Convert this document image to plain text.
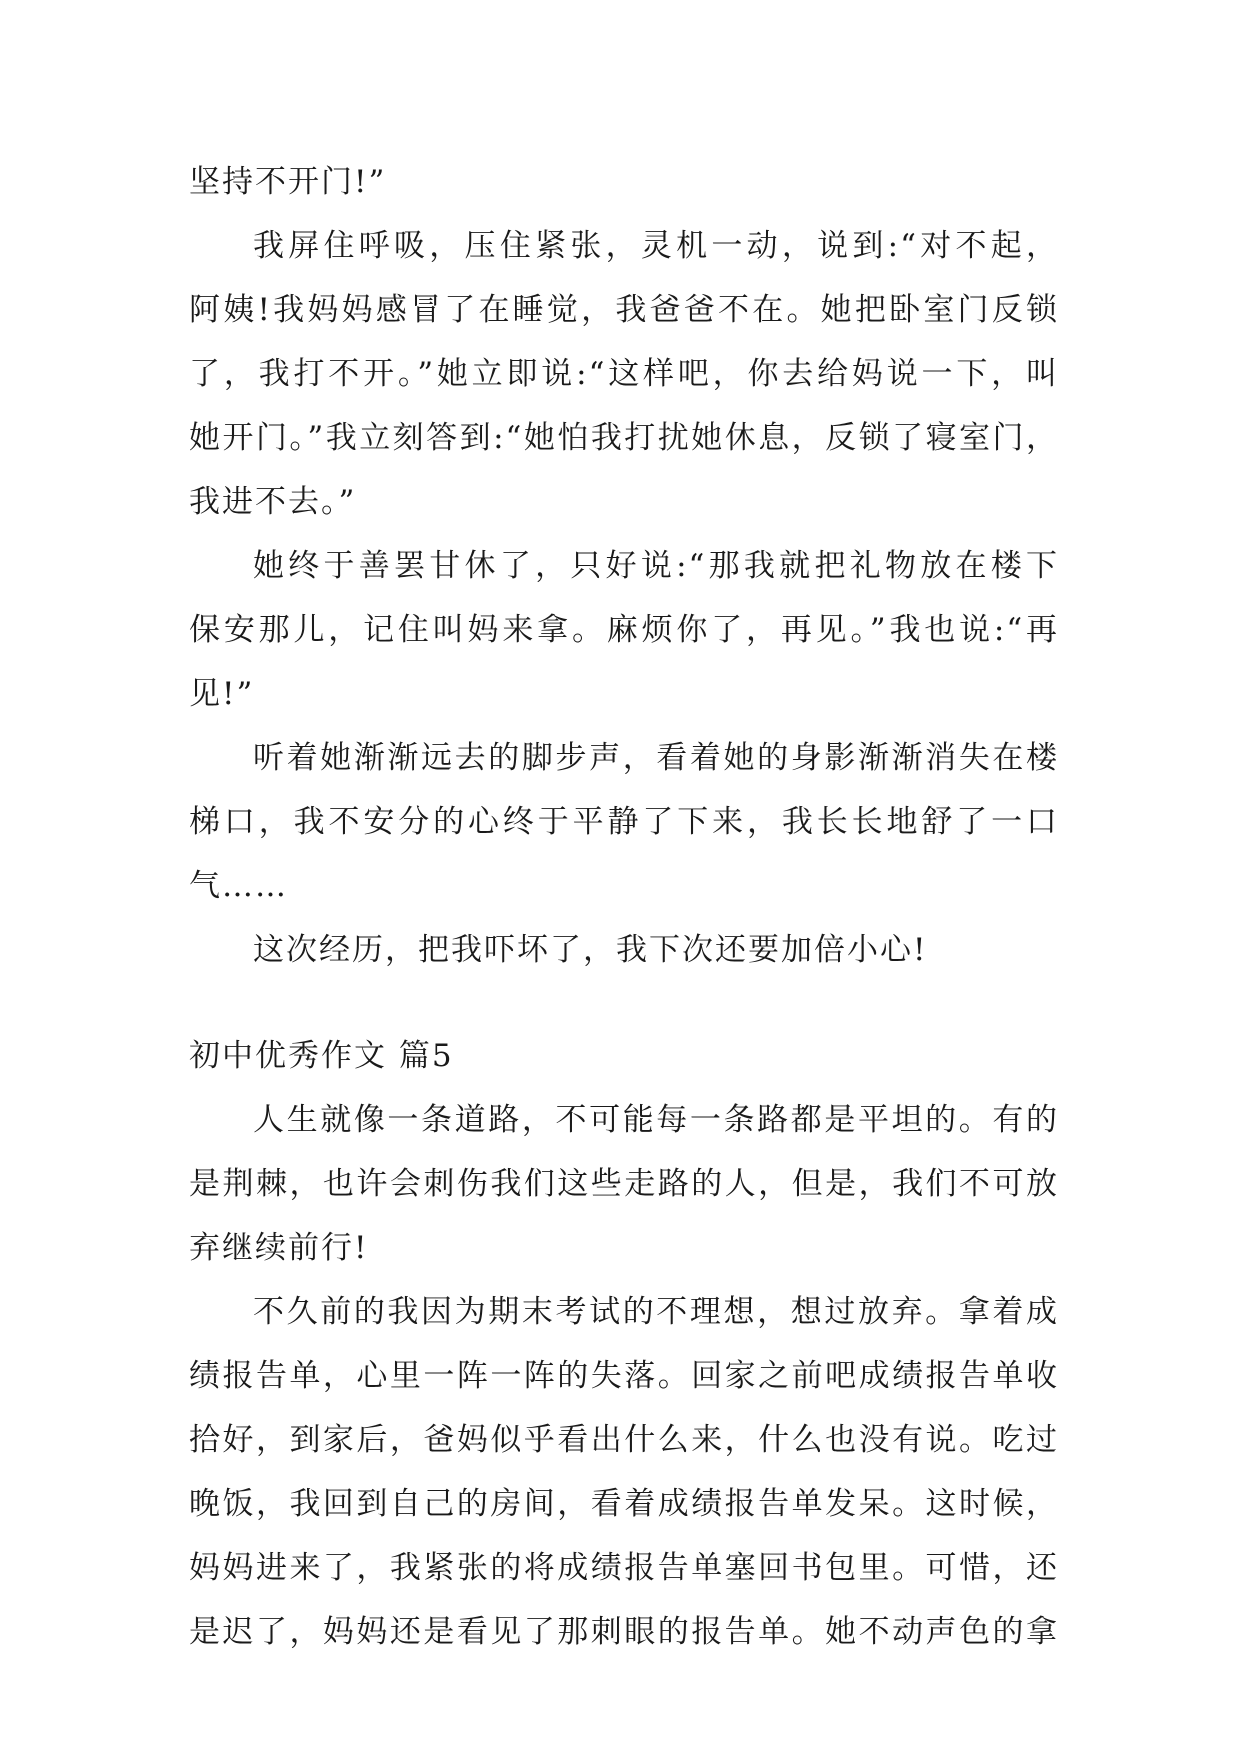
坚持不开门!”
我屏住呼吸，压住紧张，灵机一动，说到:“对不起，
阿姨!我妈妈感冒了在睡觉，我爸爸不在。她把卧室门反锁
了，我打不开。”她立即说:“这样吧，你去给妈说一下，叫
她开门。”我立刻答到:“她怕我打扰她休息，反锁了寝室门，
我进不去。”
她终于善罢甘休了，只好说:“那我就把礼物放在楼下
保安那儿，记住叫妈来拿。麻烦你了，再见。”我也说:“再
见!”
听着她渐渐远去的脚步声，看着她的身影渐渐消失在楼
梯口，我不安分的心终于平静了下来，我长长地舒了一口
气……
这次经历，把我吓坏了，我下次还要加倍小心!
初中优秀作文 篇5
人生就像一条道路，不可能每一条路都是平坦的。有的
是荆棘，也许会刺伤我们这些走路的人，但是，我们不可放
弃继续前行!
不久前的我因为期末考试的不理想，想过放弃。拿着成
绩报告单，心里一阵一阵的失落。回家之前吧成绩报告单收
拾好，到家后，爸妈似乎看出什么来，什么也没有说。吃过
晚饭，我回到自己的房间，看着成绩报告单发呆。这时候，
妈妈进来了，我紧张的将成绩报告单塞回书包里。可惜，还
是迟了，妈妈还是看见了那刺眼的报告单。她不动声色的拿
